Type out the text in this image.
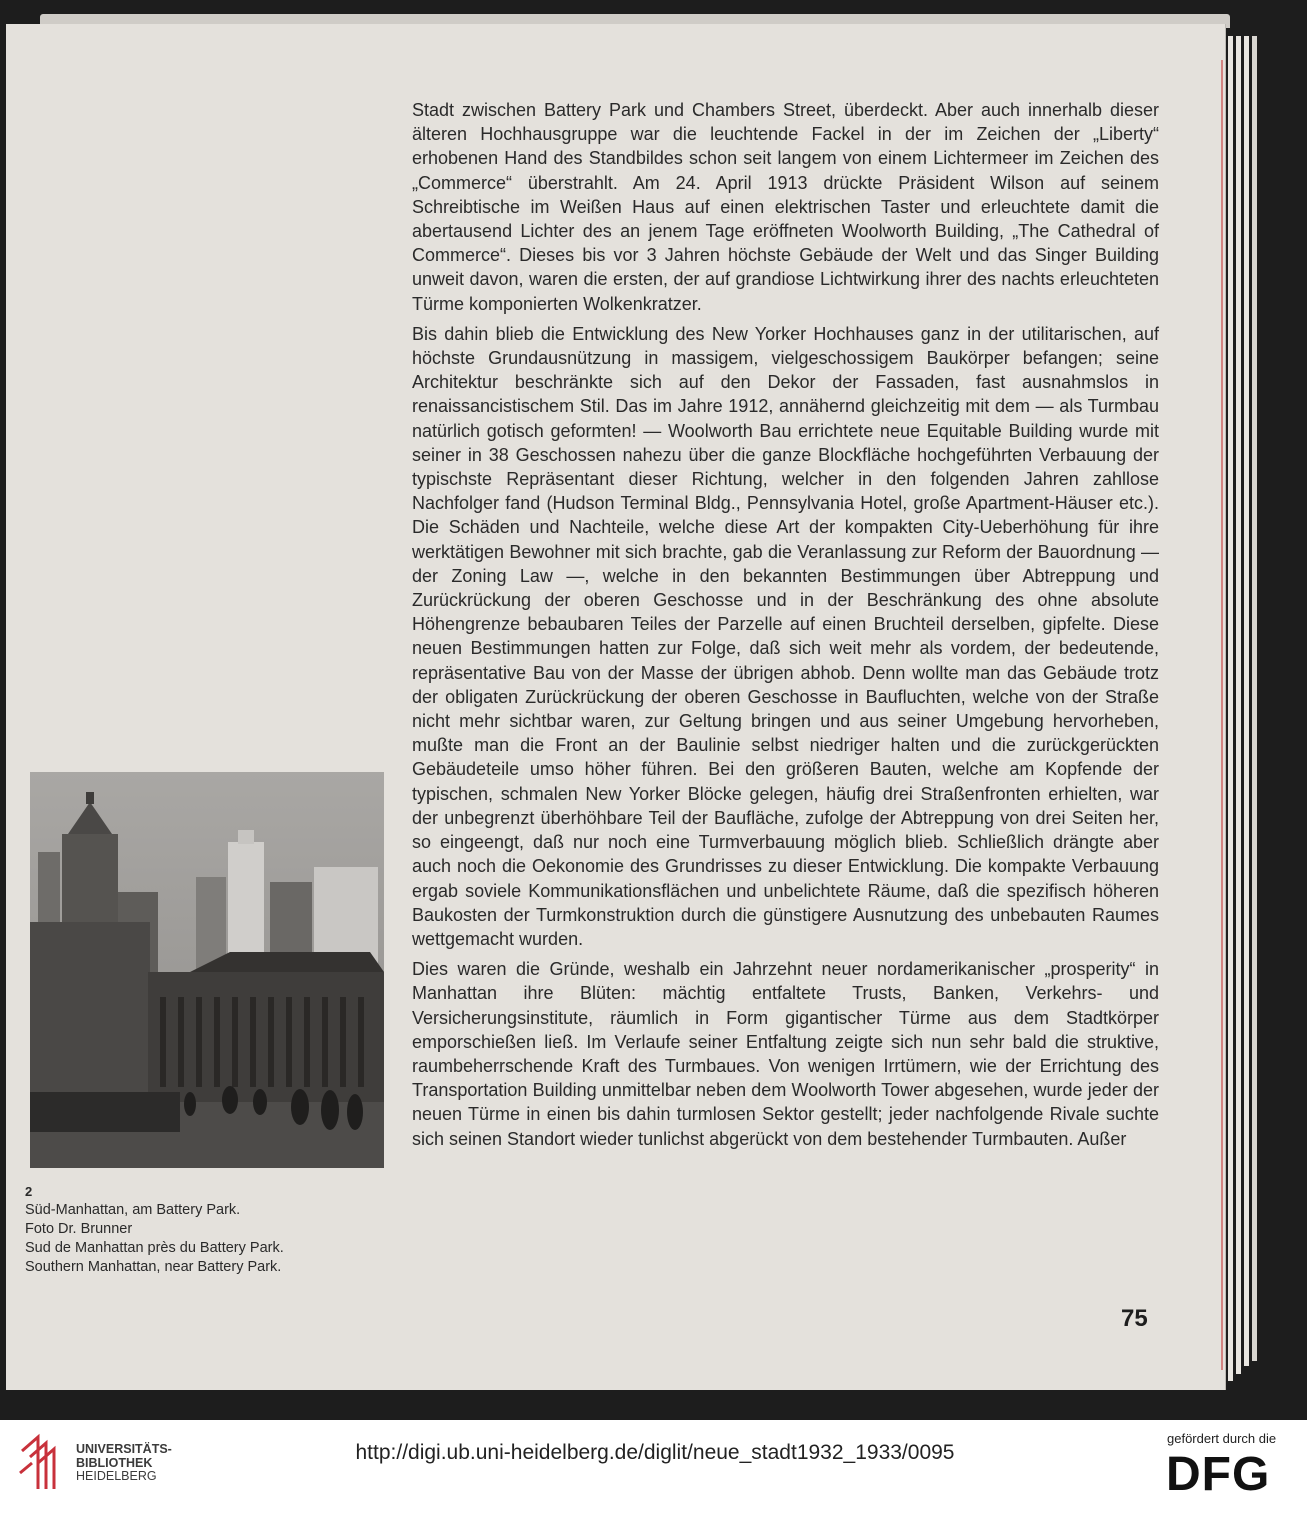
Stadt zwischen Battery Park und Chambers Street, überdeckt. Aber auch innerhalb dieser älteren Hochhausgruppe war die leuchtende Fackel in der im Zeichen der „Liberty“ erhobenen Hand des Standbildes schon seit langem von einem Lichtermeer im Zeichen des „Commerce“ überstrahlt. Am 24. April 1913 drückte Präsident Wilson auf seinem Schreibtische im Weißen Haus auf einen elektrischen Taster und erleuchtete damit die abertausend Lichter des an jenem Tage eröffneten Woolworth Building, „The Cathedral of Commerce“. Dieses bis vor 3 Jahren höchste Gebäude der Welt und das Singer Building unweit davon, waren die ersten, der auf grandiose Lichtwirkung ihrer des nachts erleuchteten Türme komponierten Wolkenkratzer.

Bis dahin blieb die Entwicklung des New Yorker Hochhauses ganz in der utilitarischen, auf höchste Grundausnützung in massigem, vielgeschossigem Baukörper befangen; seine Architektur beschränkte sich auf den Dekor der Fassaden, fast ausnahmslos in renaissancistischem Stil. Das im Jahre 1912, annähernd gleichzeitig mit dem — als Turmbau natürlich gotisch geformten! — Woolworth Bau errichtete neue Equitable Building wurde mit seiner in 38 Geschossen nahezu über die ganze Blockfläche hochgeführten Verbauung der typischste Repräsentant dieser Richtung, welcher in den folgenden Jahren zahllose Nachfolger fand (Hudson Terminal Bldg., Pennsylvania Hotel, große Apartment-Häuser etc.). Die Schäden und Nachteile, welche diese Art der kompakten City-Ueberhöhung für ihre werktätigen Bewohner mit sich brachte, gab die Veranlassung zur Reform der Bauordnung — der Zoning Law —, welche in den bekannten Bestimmungen über Abtreppung und Zurückrückung der oberen Geschosse und in der Beschränkung des ohne absolute Höhengrenze bebaubaren Teiles der Parzelle auf einen Bruchteil derselben, gipfelte. Diese neuen Bestimmungen hatten zur Folge, daß sich weit mehr als vordem, der bedeutende, repräsentative Bau von der Masse der übrigen abhob. Denn wollte man das Gebäude trotz der obligaten Zurückrückung der oberen Geschosse in Baufluchten, welche von der Straße nicht mehr sichtbar waren, zur Geltung bringen und aus seiner Umgebung hervorheben, mußte man die Front an der Baulinie selbst niedriger halten und die zurückgerückten Gebäudeteile umso höher führen. Bei den größeren Bauten, welche am Kopfende der typischen, schmalen New Yorker Blöcke gelegen, häufig drei Straßenfronten erhielten, war der unbegrenzt überhöhbare Teil der Baufläche, zufolge der Abtreppung von drei Seiten her, so eingeengt, daß nur noch eine Turmverbauung möglich blieb. Schließlich drängte aber auch noch die Oekonomie des Grundrisses zu dieser Entwicklung. Die kompakte Verbauung ergab soviele Kommunikationsflächen und unbelichtete Räume, daß die spezifisch höheren Baukosten der Turmkonstruktion durch die günstigere Ausnutzung des unbebauten Raumes wettgemacht wurden.

Dies waren die Gründe, weshalb ein Jahrzehnt neuer nordamerikanischer „prosperity“ in Manhattan ihre Blüten: mächtig entfaltete Trusts, Banken, Verkehrs- und Versicherungsinstitute, räumlich in Form gigantischer Türme aus dem Stadtkörper emporschießen ließ. Im Verlaufe seiner Entfaltung zeigte sich nun sehr bald die struktive, raumbeherrschende Kraft des Turmbaues. Von wenigen Irrtümern, wie der Errichtung des Transportation Building unmittelbar neben dem Woolworth Tower abgesehen, wurde jeder der neuen Türme in einen bis dahin turmlosen Sektor gestellt; jeder nachfolgende Rivale suchte sich seinen Standort wieder tunlichst abgerückt von dem bestehender Turmbauten. Außer

2
Süd-Manhattan, am Battery Park.
Foto Dr. Brunner
Sud de Manhattan près du Battery Park.
Southern Manhattan, near Battery Park.
75
UNIVERSITÄTS-
BIBLIOTHEK
HEIDELBERG
http://digi.ub.uni-heidelberg.de/diglit/neue_stadt1932_1933/0095
gefördert durch die
DFG
